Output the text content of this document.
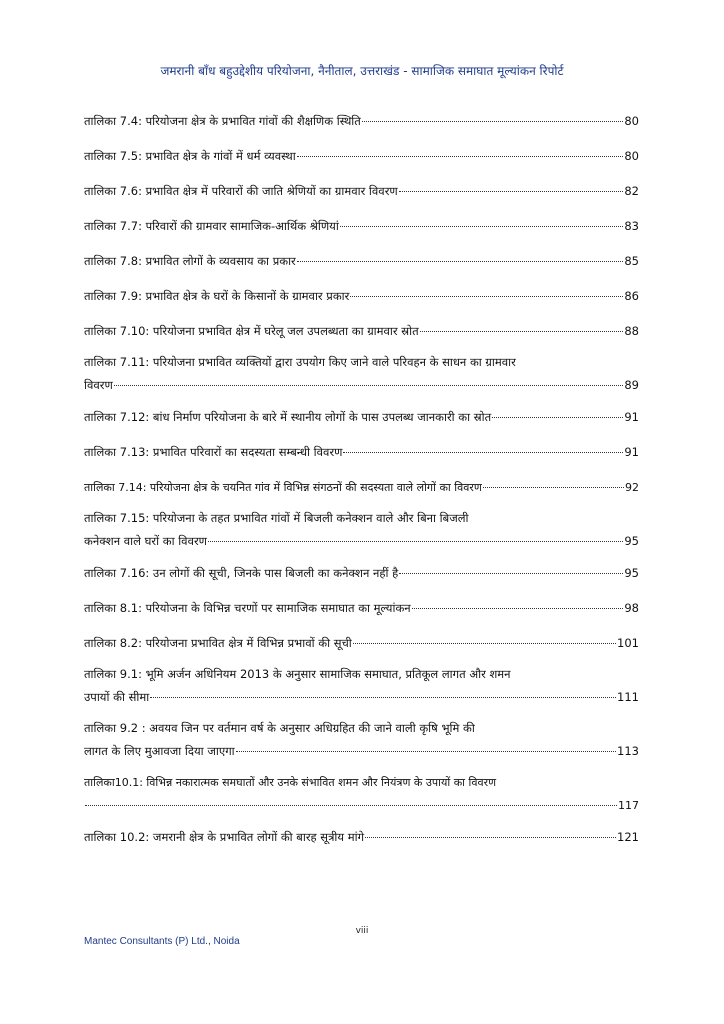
जमरानी बाँध बहुउद्देशीय परियोजना, नैनीताल, उत्तराखंड - सामाजिक समाघात मूल्यांकन रिपोर्ट
तालिका 7.4: परियोजना क्षेत्र के प्रभावित गांवों की शैक्षणिक स्थिति	80
तालिका 7.5: प्रभावित क्षेत्र के गांवों में धर्म व्यवस्था	80
तालिका 7.6: प्रभावित क्षेत्र में परिवारों की जाति श्रेणियों का ग्रामवार विवरण	82
तालिका 7.7: परिवारों की ग्रामवार सामाजिक-आर्थिक श्रेणियां	83
तालिका 7.8: प्रभावित लोगों के व्यवसाय का प्रकार	85
तालिका 7.9: प्रभावित क्षेत्र के घरों के किसानों के ग्रामवार प्रकार	86
तालिका 7.10: परियोजना प्रभावित क्षेत्र में घरेलू जल उपलब्धता का ग्रामवार स्रोत	88
तालिका 7.11: परियोजना प्रभावित व्यक्तियों द्वारा उपयोग किए जाने वाले परिवहन के साधन का ग्रामवार
विवरण	89
तालिका 7.12: बांध निर्माण परियोजना के बारे में स्थानीय लोगों के पास उपलब्ध जानकारी का स्रोत	91
तालिका 7.13: प्रभावित परिवारों का सदस्यता सम्बन्धी विवरण	91
तालिका 7.14: परियोजना क्षेत्र के चयनित गांव में विभिन्न संगठनों की सदस्यता वाले लोगों का विवरण	92
तालिका 7.15: परियोजना के तहत प्रभावित गांवों में बिजली कनेक्शन वाले और बिना बिजली
कनेक्शन वाले घरों का विवरण	95
तालिका 7.16: उन लोगों की सूची, जिनके पास बिजली का कनेक्शन नहीं है	95
तालिका 8.1: परियोजना के विभिन्न चरणों पर सामाजिक समाघात का मूल्यांकन	98
तालिका 8.2: परियोजना प्रभावित क्षेत्र में विभिन्न प्रभावों की सूची	101
तालिका 9.1: भूमि अर्जन अधिनियम 2013 के अनुसार सामाजिक समाघात, प्रतिकूल लागत और शमन
उपायों की सीमा	111
तालिका 9.2 : अवयव जिन पर वर्तमान वर्ष के अनुसार अधिग्रहित की जाने वाली कृषि भूमि की
लागत के लिए मुआवजा दिया जाएगा	113
तालिका10.1: विभिन्न नकारात्मक समघातों और उनके संभावित शमन और नियंत्रण के उपायों का विवरण
117
तालिका 10.2: जमरानी क्षेत्र के प्रभावित लोगों की बारह सूत्रीय मांगे	121
viii
Mantec Consultants (P) Ltd., Noida
